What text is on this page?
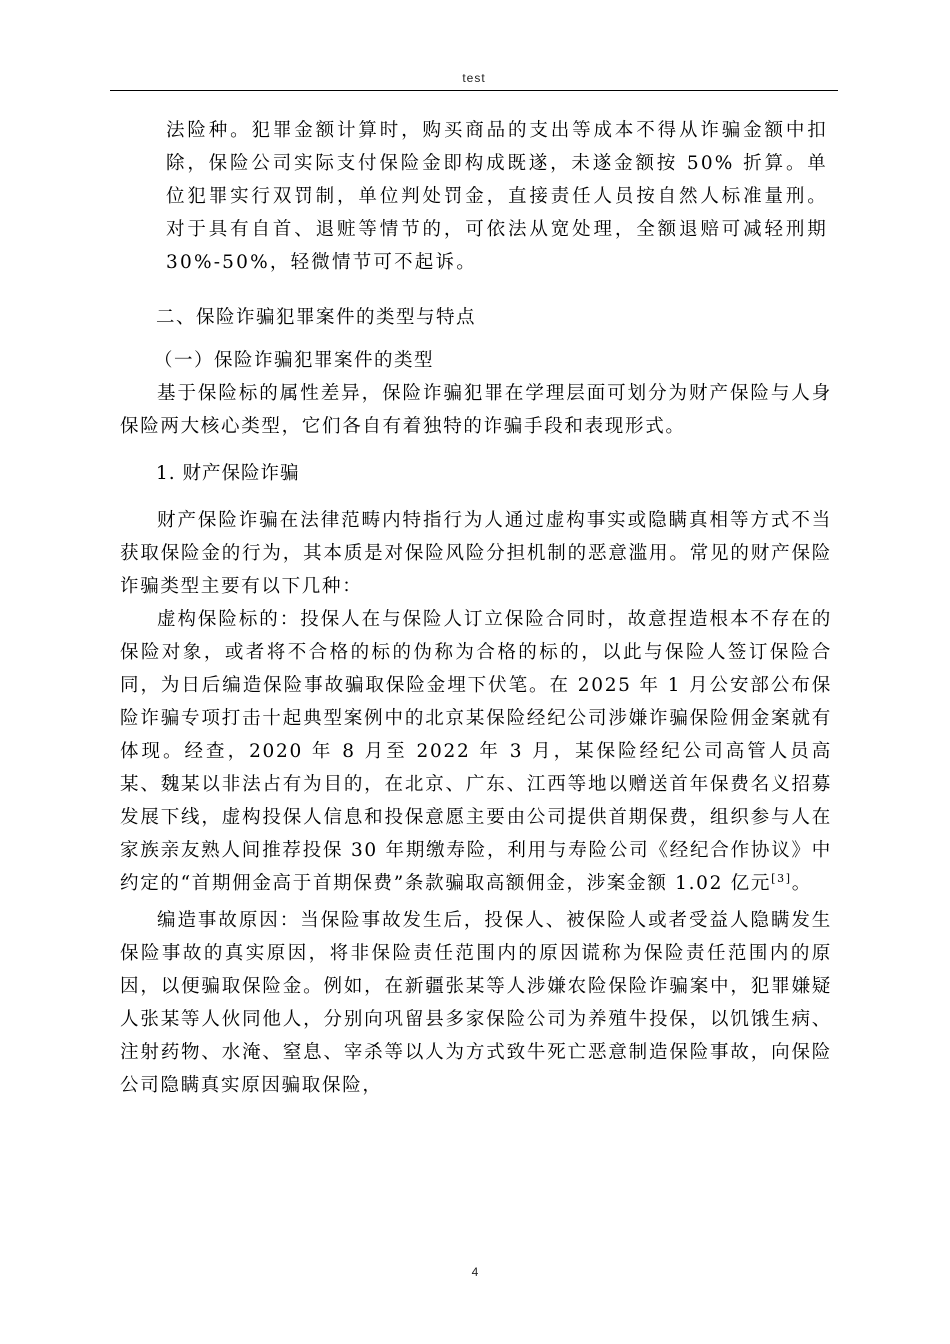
test
法险种。犯罪金额计算时，购买商品的支出等成本不得从诈骗金额中扣除，保险公司实际支付保险金即构成既遂，未遂金额按 50% 折算。单位犯罪实行双罚制，单位判处罚金，直接责任人员按自然人标准量刑。对于具有自首、退赃等情节的，可依法从宽处理，全额退赔可减轻刑期 30%-50%，轻微情节可不起诉。
二、保险诈骗犯罪案件的类型与特点
（一）保险诈骗犯罪案件的类型

基于保险标的属性差异，保险诈骗犯罪在学理层面可划分为财产保险与人身保险两大核心类型，它们各自有着独特的诈骗手段和表现形式。

1. 财产保险诈骗

财产保险诈骗在法律范畴内特指行为人通过虚构事实或隐瞒真相等方式不当获取保险金的行为，其本质是对保险风险分担机制的恶意滥用。常见的财产保险诈骗类型主要有以下几种：

虚构保险标的：投保人在与保险人订立保险合同时，故意捏造根本不存在的保险对象，或者将不合格的标的伪称为合格的标的，以此与保险人签订保险合同，为日后编造保险事故骗取保险金埋下伏笔。在 2025 年 1 月公安部公布保险诈骗专项打击十起典型案例中的北京某保险经纪公司涉嫌诈骗保险佣金案就有体现。经查，2020 年 8 月至 2022 年 3 月，某保险经纪公司高管人员高某、魏某以非法占有为目的，在北京、广东、江西等地以赠送首年保费名义招募发展下线，虚构投保人信息和投保意愿主要由公司提供首期保费，组织参与人在家族亲友熟人间推荐投保 30 年期缴寿险，利用与寿险公司《经纪合作协议》中约定的“首期佣金高于首期保费”条款骗取高额佣金，涉案金额 1.02 亿元[3]。

编造事故原因：当保险事故发生后，投保人、被保险人或者受益人隐瞒发生保险事故的真实原因，将非保险责任范围内的原因谎称为保险责任范围内的原因，以便骗取保险金。例如，在新疆张某等人涉嫌农险保险诈骗案中，犯罪嫌疑人张某等人伙同他人，分别向巩留县多家保险公司为养殖牛投保，以饥饿生病、注射药物、水淹、窒息、宰杀等以人为方式致牛死亡恶意制造保险事故，向保险公司隐瞒真实原因骗取保险，

4
